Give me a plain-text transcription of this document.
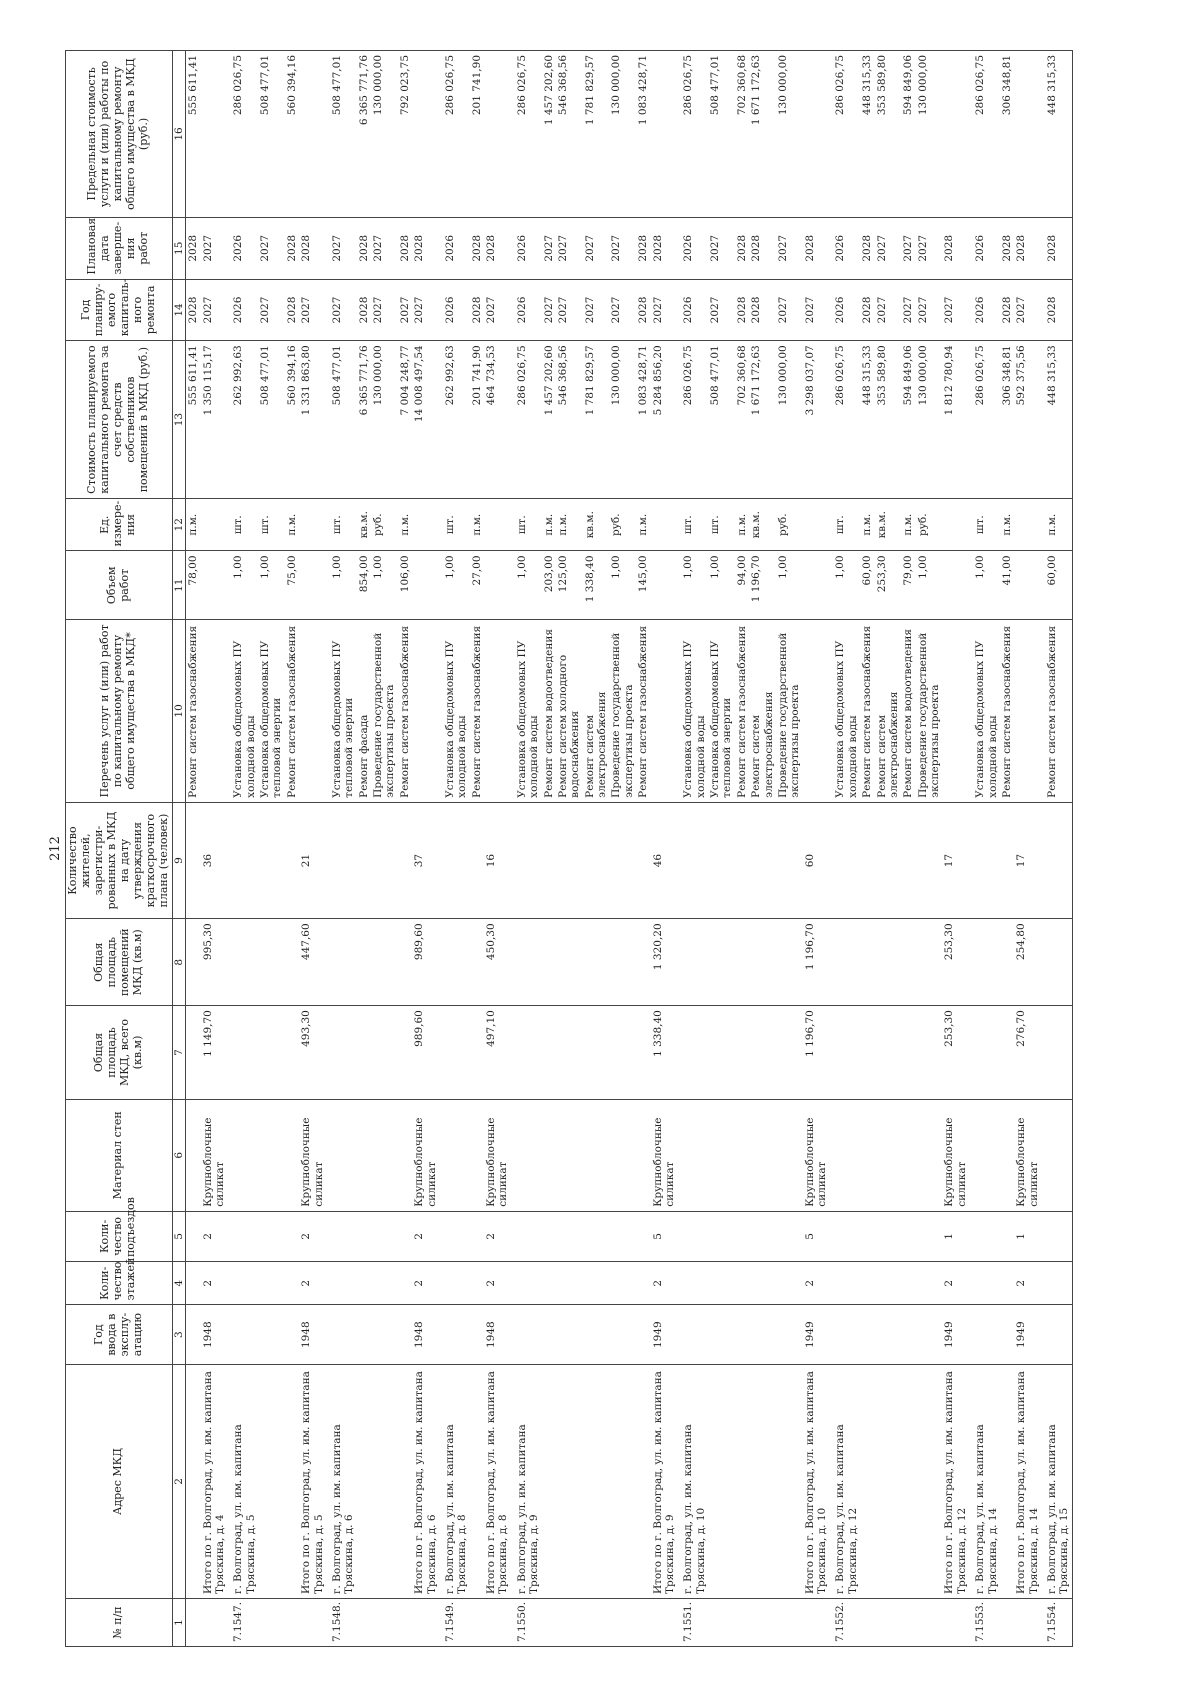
212
№ п/п	Адрес МКД	Год ввода в эксплу-атацию	Коли-чество этажей	Коли-чество подъездов	Материал стен	Общая площадь МКД, всего (кв.м)	Общая площадь помещений МКД (кв.м)	Количество жителей, зарегистри-рованных в МКД на дату утверждения краткосрочного плана (человек)	Перечень услуг и (или) работ по капитальному ремонту общего имущества в МКД*	Объем работ	Ед. измере-ния	Стоимость планируемого капитального ремонта за счет средств собственников помещений в МКД (руб.)	Год планиру-емого капиталь-ного ремонта	Плановая дата заверше-ния работ	Предельная стоимость услуги и (или) работы по капитальному ремонту общего имущества в МКД (руб.)
1	2	3	4	5	6	7	8	9	10	11	12	13	14	15	16
									Ремонт систем газоснабжения	78,00	п.м.	555 611,41	2028	2028	555 611,41
	Итого по г. Волгоград, ул. им. капитана Тряскина, д. 4	1948	2	2	Крупноблочные силикат	1 149,70	995,30	36				1 350 115,17	2027	2027	
7.1547.	г. Волгоград, ул. им. капитана Тряскина, д. 5								Установка общедомовых ПУ холодной воды	1,00	шт.	262 992,63	2026	2026	286 026,75
									Установка общедомовых ПУ тепловой энергии	1,00	шт.	508 477,01	2027	2027	508 477,01
									Ремонт систем газоснабжения	75,00	п.м.	560 394,16	2028	2028	560 394,16
	Итого по г. Волгоград, ул. им. капитана Тряскина, д. 5	1948	2	2	Крупноблочные силикат	493,30	447,60	21				1 331 863,80	2027	2028	
7.1548.	г. Волгоград, ул. им. капитана Тряскина, д. 6								Установка общедомовых ПУ тепловой энергии	1,00	шт.	508 477,01	2027	2027	508 477,01
									Ремонт фасада	854,00	кв.м.	6 365 771,76	2028	2028	6 365 771,76
									Проведение государственной экспертизы проекта	1,00	руб.	130 000,00	2027	2027	130 000,00
									Ремонт систем газоснабжения	106,00	п.м.	7 004 248,77	2027	2028	792 023,75
	Итого по г. Волгоград, ул. им. капитана Тряскина, д. 6	1948	2	2	Крупноблочные силикат	989,60	989,60	37				14 008 497,54	2027	2028	
7.1549.	г. Волгоград, ул. им. капитана Тряскина, д. 8								Установка общедомовых ПУ холодной воды	1,00	шт.	262 992,63	2026	2026	286 026,75
									Ремонт систем газоснабжения	27,00	п.м.	201 741,90	2028	2028	201 741,90
	Итого по г. Волгоград, ул. им. капитана Тряскина, д. 8	1948	2	2	Крупноблочные силикат	497,10	450,30	16				464 734,53	2027	2028	
7.1550.	г. Волгоград, ул. им. капитана Тряскина, д. 9								Установка общедомовых ПУ холодной воды	1,00	шт.	286 026,75	2026	2026	286 026,75
									Ремонт систем водоотведения	203,00	п.м.	1 457 202,60	2027	2027	1 457 202,60
									Ремонт систем холодного водоснабжения	125,00	п.м.	546 368,56	2027	2027	546 368,56
									Ремонт систем электроснабжения	1 338,40	кв.м.	1 781 829,57	2027	2027	1 781 829,57
									Проведение государственной экспертизы проекта	1,00	руб.	130 000,00	2027	2027	130 000,00
									Ремонт систем газоснабжения	145,00	п.м.	1 083 428,71	2028	2028	1 083 428,71
	Итого по г. Волгоград, ул. им. капитана Тряскина, д. 9	1949	2	5	Крупноблочные силикат	1 338,40	1 320,20	46				5 284 856,20	2027	2028	
7.1551.	г. Волгоград, ул. им. капитана Тряскина, д. 10								Установка общедомовых ПУ холодной воды	1,00	шт.	286 026,75	2026	2026	286 026,75
									Установка общедомовых ПУ тепловой энергии	1,00	шт.	508 477,01	2027	2027	508 477,01
									Ремонт систем газоснабжения	94,00	п.м.	702 360,68	2028	2028	702 360,68
									Ремонт систем электроснабжения	1 196,70	кв.м.	1 671 172,63	2028	2028	1 671 172,63
									Проведение государственной экспертизы проекта	1,00	руб.	130 000,00	2027	2027	130 000,00
	Итого по г. Волгоград, ул. им. капитана Тряскина, д. 10	1949	2	5	Крупноблочные силикат	1 196,70	1 196,70	60				3 298 037,07	2027	2028	
7.1552.	г. Волгоград, ул. им. капитана Тряскина, д. 12								Установка общедомовых ПУ холодной воды	1,00	шт.	286 026,75	2026	2026	286 026,75
									Ремонт систем газоснабжения	60,00	п.м.	448 315,33	2028	2028	448 315,33
									Ремонт систем электроснабжения	253,30	кв.м.	353 589,80	2027	2027	353 589,80
									Ремонт систем водоотведения	79,00	п.м.	594 849,06	2027	2027	594 849,06
									Проведение государственной экспертизы проекта	1,00	руб.	130 000,00	2027	2027	130 000,00
	Итого по г. Волгоград, ул. им. капитана Тряскина, д. 12	1949	2	1	Крупноблочные силикат	253,30	253,30	17				1 812 780,94	2027	2028	
7.1553.	г. Волгоград, ул. им. капитана Тряскина, д. 14								Установка общедомовых ПУ холодной воды	1,00	шт.	286 026,75	2026	2026	286 026,75
									Ремонт систем газоснабжения	41,00	п.м.	306 348,81	2028	2028	306 348,81
	Итого по г. Волгоград, ул. им. капитана Тряскина, д. 14	1949	2	1	Крупноблочные силикат	276,70	254,80	17				592 375,56	2027	2028	
7.1554.	г. Волгоград, ул. им. капитана Тряскина, д. 15								Ремонт систем газоснабжения	60,00	п.м.	448 315,33	2028	2028	448 315,33
